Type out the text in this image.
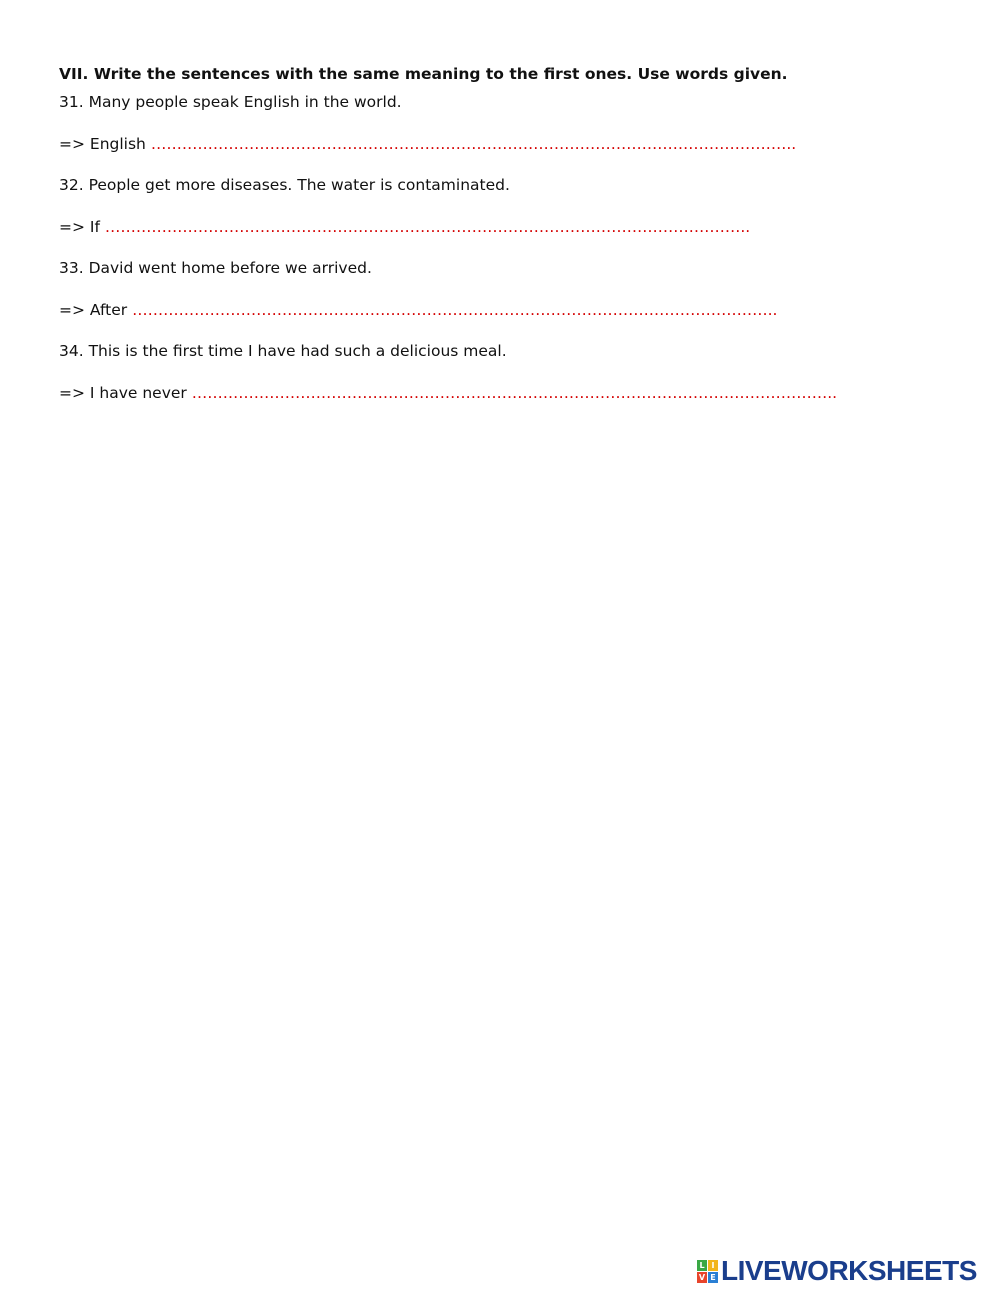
VII. Write the sentences with the same meaning to the first ones. Use words given.
31. Many people speak English in the world.
=> English ……………………………………………………………………………………………………………..
32. People get more diseases. The water is contaminated.
=> If ……………………………………………………………………………………………………………..
33. David went home before we arrived.
=> After ……………………………………………………………………………………………………………..
34. This is the first time I have had such a delicious meal.
=> I have never ……………………………………………………………………………………………………………..
L I
V E LIVEWORKSHEETS
